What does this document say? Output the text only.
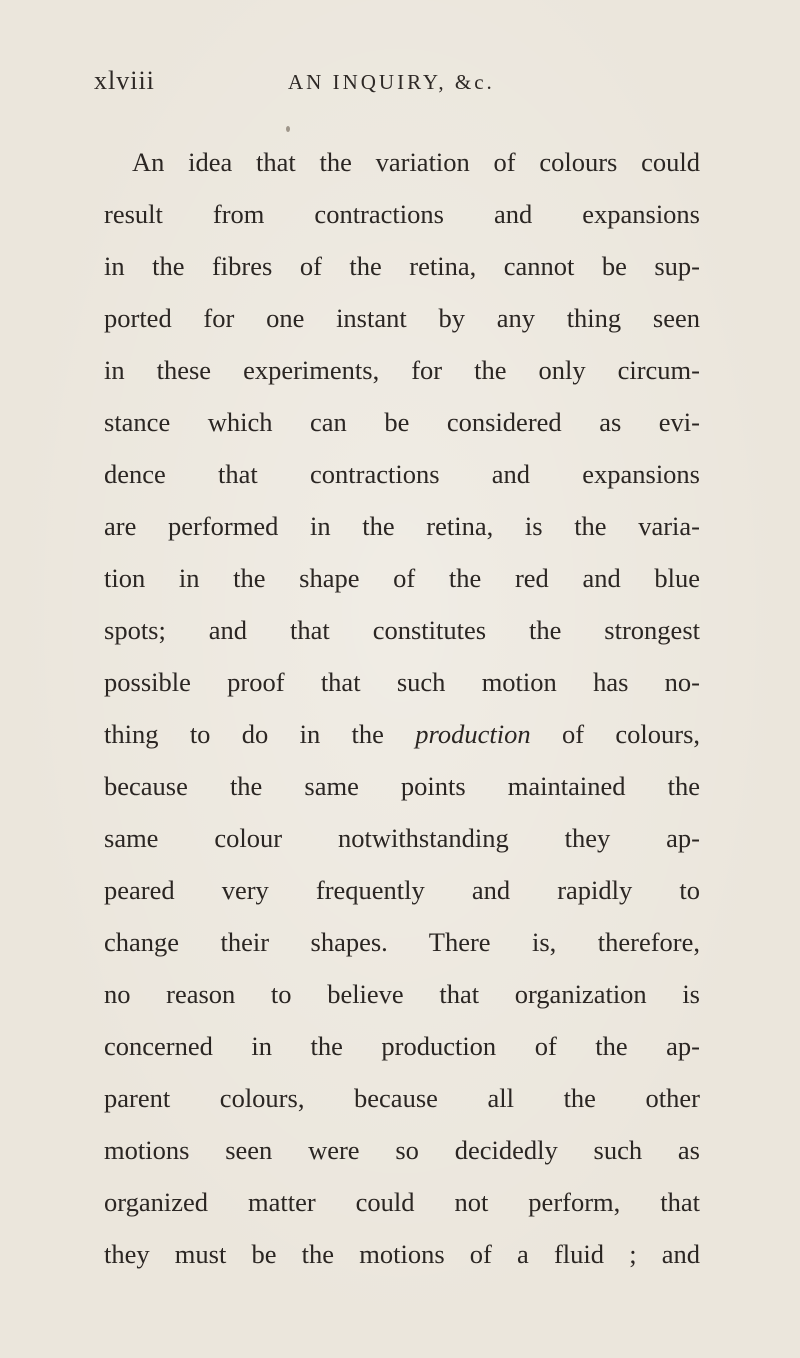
xlviii	AN INQUIRY, &c.
An idea that the variation of colours could
result from contractions and expansions
in the fibres of the retina, cannot be sup-
ported for one instant by any thing seen
in these experiments, for the only circum-
stance which can be considered as evi-
dence that contractions and expansions
are performed in the retina, is the varia-
tion in the shape of the red and blue
spots; and that constitutes the strongest
possible proof that such motion has no-
thing to do in the production of colours,
because the same points maintained the
same colour notwithstanding they ap-
peared very frequently and rapidly to
change their shapes. There is, therefore,
no reason to believe that organization is
concerned in the production of the ap-
parent colours, because all the other
motions seen were so decidedly such as
organized matter could not perform, that
they must be the motions of a fluid ; and
